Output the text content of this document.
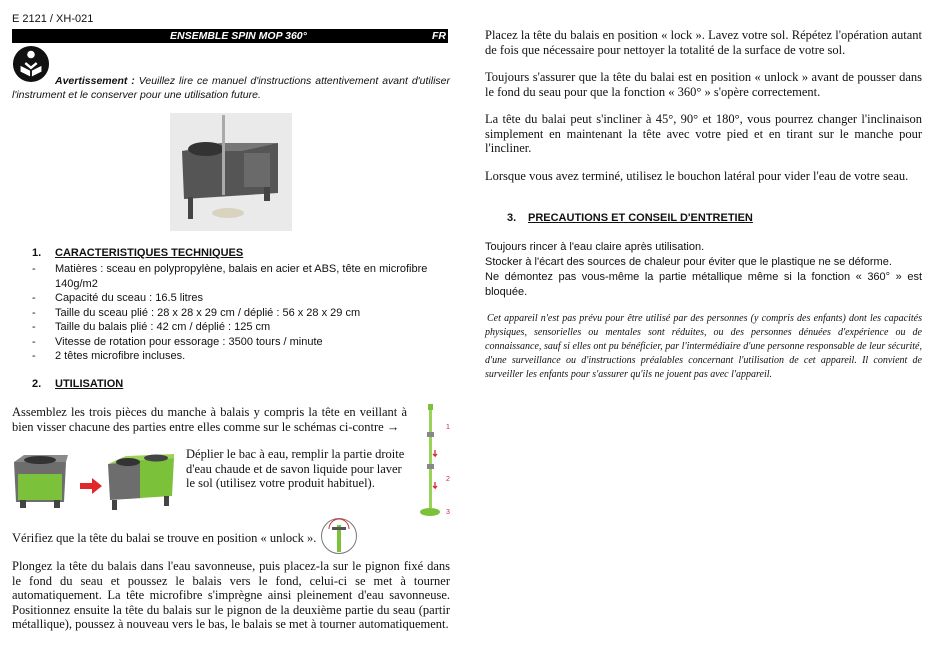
E 2121 / XH-021
ENSEMBLE SPIN MOP 360°	FR
Avertissement : Veuillez lire ce manuel d'instructions attentivement avant d'utiliser l'instrument et le conserver pour une utilisation future.
1. CARACTERISTIQUES TECHNIQUES
- Matières : sceau en polypropylène, balais en acier et ABS, tête en microfibre 140g/m2
- Capacité du sceau : 16.5 litres
- Taille du sceau plié : 28 x 28 x 29 cm / déplié : 56 x 28 x 29 cm
- Taille du balais plié : 42 cm / déplié : 125 cm
- Vitesse de rotation pour essorage : 3500 tours / minute
- 2 têtes microfibre incluses.
2. UTILISATION
Assemblez les trois pièces du manche à balais y compris la tête en veillant à bien visser chacune des parties entre elles comme sur le schémas ci-contre →
Déplier le bac à eau, remplir la partie droite d'eau chaude et de savon liquide pour laver le sol (utilisez votre produit habituel).
1
2
3
Vérifiez que la tête du balai se trouve en position « unlock ».
Plongez la tête du balais dans l'eau savonneuse, puis placez-la sur le pignon fixé dans le fond du seau et poussez le balais vers le fond, celui-ci se met à tourner automatiquement. La tête microfibre s'imprègne ainsi pleinement d'eau savonneuse. Positionnez ensuite la tête du balais sur le pignon de la deuxième partie du seau (partir métallique), poussez à nouveau vers le bas, le balais se met à tourner automatiquement.

Placez la tête du balais en position « lock ». Lavez votre sol. Répétez l'opération autant de fois que nécessaire pour nettoyer la totalité de la surface de votre sol.

Toujours s'assurer que la tête du balai est en position « unlock » avant de pousser dans le fond du seau pour que la fonction « 360° » s'opère correctement.

La tête du balai peut s'incliner à 45°, 90° et 180°, vous pourrez changer l'inclinaison simplement en maintenant la tête avec votre pied et en tirant sur le manche pour l'incliner.

Lorsque vous avez terminé, utilisez le bouchon latéral pour vider l'eau de votre seau.

3. PRECAUTIONS ET CONSEIL D'ENTRETIEN

Toujours rincer à l'eau claire après utilisation.

Stocker à l'écart des sources de chaleur pour éviter que le plastique ne se déforme.

Ne démontez pas vous-même la partie métallique même si la fonction « 360° » est bloquée.

Cet appareil n'est pas prévu pour être utilisé par des personnes (y compris des enfants) dont les capacités physiques, sensorielles ou mentales sont réduites, ou des personnes dénuées d'expérience ou de connaissance, sauf si elles ont pu bénéficier, par l'intermédiaire d'une personne responsable de leur sécurité, d'une surveillance ou d'instructions préalables concernant l'utilisation de cet appareil. Il convient de surveiller les enfants pour s'assurer qu'ils ne jouent pas avec l'appareil.
